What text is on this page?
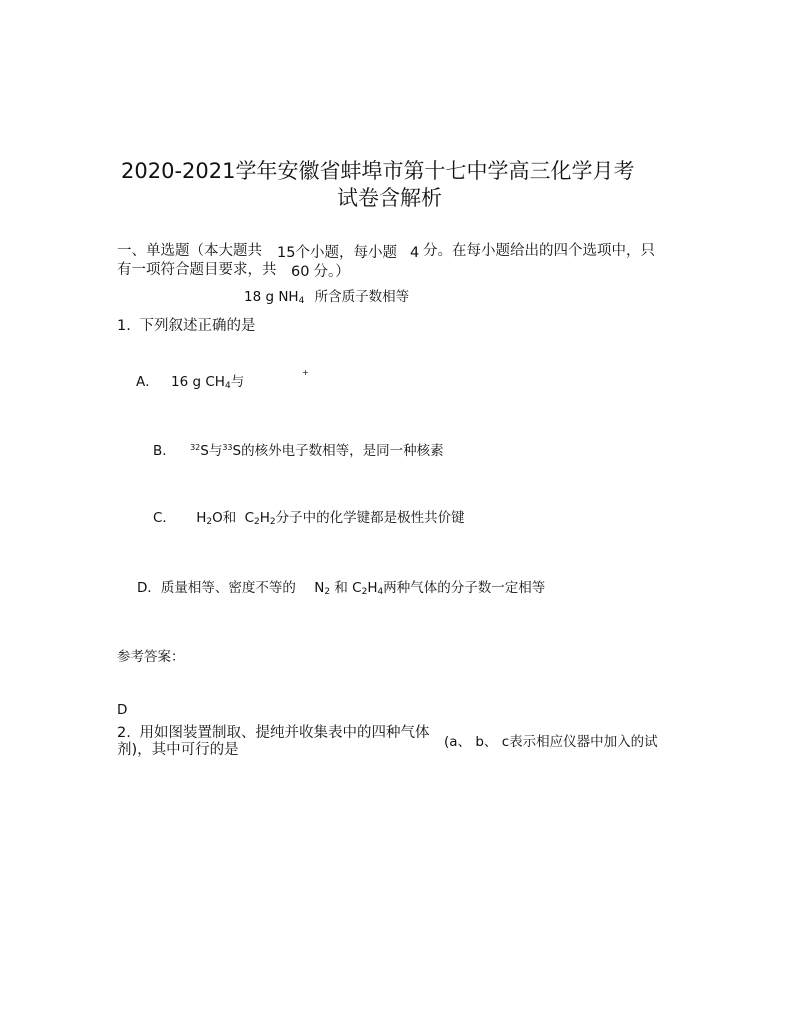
2020-2021学年安徽省蚌埠市第十七中学高三化学月考
试卷含解析
一、单选题（本大题共 15个小题，每小题 4 分。在每小题给出的四个选项中，只
有一项符合题目要求，共 60 分。）
18 g $NH_4$ 所含质子数相等
1. 下列叙述正确的是
+
A． 16 g $CH_4$与
B． $^{32}$S与$^{33}$S的核外电子数相等，是同一种核素
C． $H_2O$和 $C_2H_2$分子中的化学键都是极性共价键
D．质量相等、密度不等的 $N_2$ 和 $C_2H_4$两种气体的分子数一定相等
参考答案：
D
2. 用如图装置制取、提纯并收集表中的四种气体
剂)，其中可行的是	(a、 b、 c表示相应仪器中加入的试
